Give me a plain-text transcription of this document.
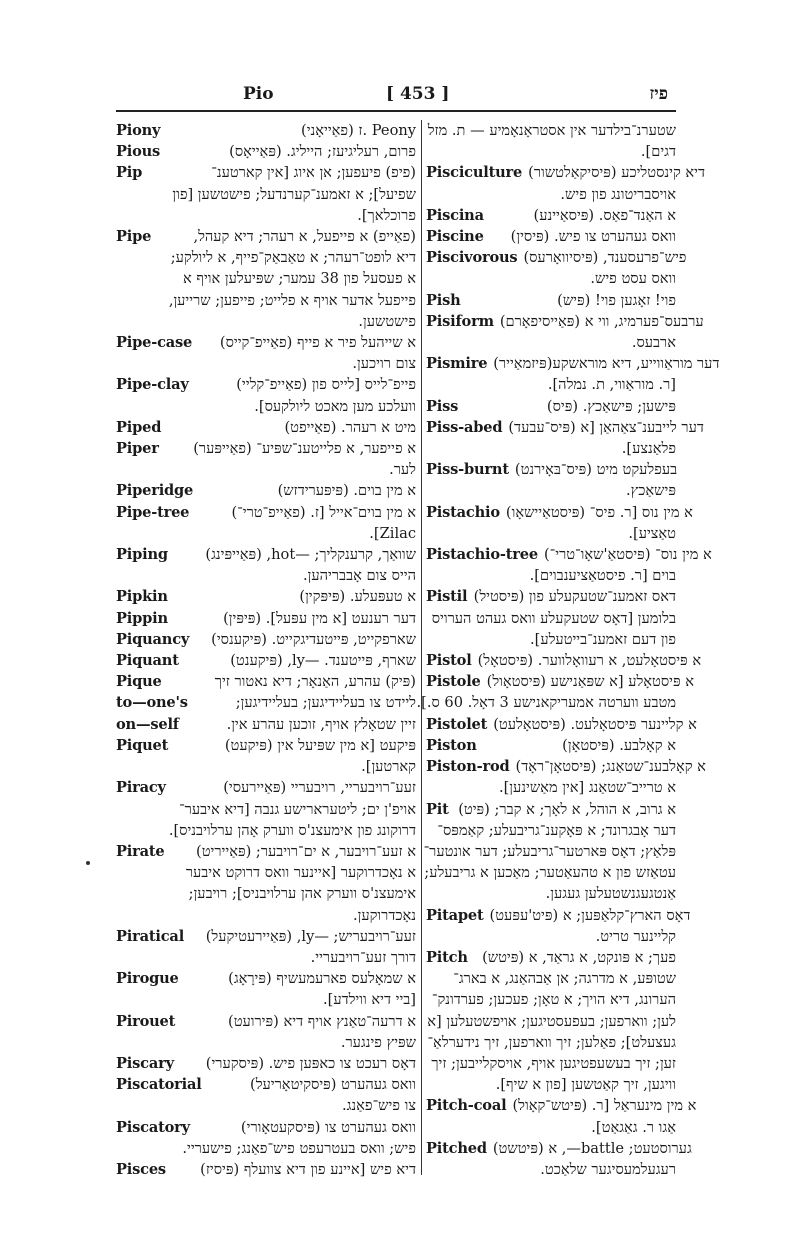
Pio	[ 453 ]	פיז
Piony	Peony .ז (פאַייאָני)
Pious	פרום, רעליגיעז; הייליג. (פּאַייאָס)
Pip	(פיפ) פיעפען; אן איוג [אין קארטענ־
שפיעל]; א זאמענ־קערנדעל; פישטשען [פון
פרוכלאך].
Pipe	(פאַייפ) א פייפעל, א רעהר; דיא קעהל,
דיא לופט־רעהר; א טאַבאַק־פייף, א ליולקע;
א פעסעל פון 38 עמער; שפּיעלען אויף א
פייפעל אדער אויף א פלייט; פייפען; שרייען,
פישטשען.
Pipe-case	א שייהעל פיר א פייף (פאַייפ־קייס)
צום רויכען.
Pipe-clay	פייפ־לייס [לייס פון (פאַייפ־קליי)
וועלכע מען מאכט ליולקעס].
Piped	מיט א רעהר. (פאַייפט)
Piper	א פייפער, א פלייטענ־שפּיע־ (פאַייפּער)
לער.
Piperidge	א מין בוים. (פּיפּערידזש)
Pipe-tree	א מין בוים־אייל [ז. (פאַייפ־טרי־)
Zilac].
Piping	שוואַך, קרענקליך; —hot, (פּאַייפּינג)
הייס צום אָבבריהען.
Pipkin	א טעפּעלע. (פּיפּקין)
Pippin	דער רענעט [א מין עפּעל]. (פּיפּין)
Piquancy	שארפקייט, פּייטעדיגקייט. (פּיקענסי)
Piquant	שארף, פּייטענד. —ly, (פּיקענט)
Pique	(פּיק) עהרע, האַנאָר; דיא נאטור זיך
to—one's	ליידט צו בעליידיגען; בעליידיגען;
on—self	זיין שטאָלץ אויף, זוכען עהרע אין.
Piquet	פּיקעט [א מין שפּיעל אין (פּיקעט)
קארטען].
Piracy	זעע־רויבעריי, רויבעריי (פּאַיירעסי)
אויפ'ן ים; ליטערארישע גנבה [דיא איבער־
דרוקונג פון אימעצנ'ס ווערק אָהן ערלויבניס].
Pirate	א זעע־רויבער, א ים־רויבער; (פּאַייריט)
א נאָכדרוקער [איינער וואס דרוקט איבער
אימעצנ'ס ווערק אהן ערלויבניס]; רויבען;
נאָכדרוקען.
Piratical	זעע־רויבעריש; —ly, (פּאַיירעטיקעל)
דורך זעע־רויבעריי.
Pirogue	א שמאָלעס פארעמעשיף (פּירָאָג)
[ביי דיא ווילדע].
Pirouet	א דרעה־טאַנץ אויף דיא (פּירועט)
שפּיץ פינגער.
Piscary	דאָס רעכט צו כאפּען פיש. (פּיסקערי)
Piscatorial	וואס געהערט (פּיסקיטאָריעל)
צו פיש־פאַנג.
Piscatory	וואס געהערט צו (פּיסקעטאָורי)
פיש; וואס בעטרעפט פיש־פאַנג; פישעריי.
Pisces	דיא פיש [איינע פון דיא צוועלף (פּיסיז)
שטערנ־בילדער אין אסטראָנאָמיע — ת. מזל
דגים].
Pisciculture דיא קינסטליכע (פּיסיקאַלטשור)
אויסבריטונג פון פיש.
Piscina	א האַנד־פאַס. (פּיסאַיינע)
Piscine	וואס געהערט צו פיש. (פּיסין)
Piscivorous פיש־פרעסענד, (פּיסיוואָרעס)
וואס עסט פיש.
Pish	פוי! זאָגען פוי! (פּיש)
Pisiform ערבעס־פערמיג, ווי א (פּאַייסיפאָרם)
ארבעס.
Pismire דער מוראַווייע, דיא מוראשקע(פּיזמאַייר)
[ר. מוראַווי, ת. נמלה].
Piss	פּישען; פּישאַכץ. (פּיס)
Piss-abed דער לייבענ־צאַהאַן [א (פּיס־עבעד)
פלאַנצע].
Piss-burnt בעפלעקט מיט (פּיס־בּאָירנט)
פּישאַכץ.
Pistachio א מין נוס [ר. פיס־ (פּיסטאַיישאָו)
טאַציע].
Pistachio-tree א מין נוס־ (פּיסטאַ'שאָו־טרי־)
בוים [ר. פיסטאַציענבוים].
Pistil דאס זאמענ־שטעקעלע פון (פּיסטיל)
בלומען [דאָס שטעקעלע וואס געהט הערויס
פון דעם זאמענ־בייטעלע].
Pistol א פּיסטאָלעט, א רעוואָלווער. (פּיסטאָל)
Pistole א פּיסטאָלע [א שפּאַנישע (פּיסטאָול)
מטבע ווערטה אמעריקאנישע 3 דאָל. 60 ס.].
Pistolet א קליינער פּיסטאָלעט. (פּיסטאָלעט)
Piston	א קאָלבע. (פּיסטאָן)
Piston-rod א קאָלבענ־שטאַנג; (פּיסטאָן־ראָד)
א טרייב־שטאַנג [אין מאַשינען].
Pit א גרוב, א הוהל, א לאָך; א קבר; (פּיט)
דער אָבגרונד; א פּאָקענ־גריבעלע; קאַמפּס־
פּלאַץ; דאָס פּארטער־גריבעלע; דער אונטער־
עטאַזש פון א טהעאַטער; מאַכען א גריבעלע;
אַנטגעגנשטעלען געגען.
Pitapet דאָס הארץ־קלאַפּען; א (פּיט'עפּעט)
קליינער טריט.
Pitch פעך; א פּונקט, א גראַד, א (פּיטש)
שטופּע, א מדרגה; אן אַבהאַנג, א בארג־
הערונג, דיא הויך; א טאָן; פעכען; פערדונק־
לען; ווארפען; בעפעסטיגען; אויפשטעלען [א
געצעלט]; פאַלען; זיך ווארפען, זיך נידערלאַ־
זען; זיך בעשעפטיגען אויף, אויסקלייבען; זיך
וויגען, זיך קאַטשען [פון א שיף].
Pitch-coal א מין מינעראַל [ר. (פּיטש־קאָול)
אַגו ר. גאַגאַט].
Pitched גערוסטעט; battle—, א (פּיטשט)
רעגעלמעסיגער שלאַכט.
